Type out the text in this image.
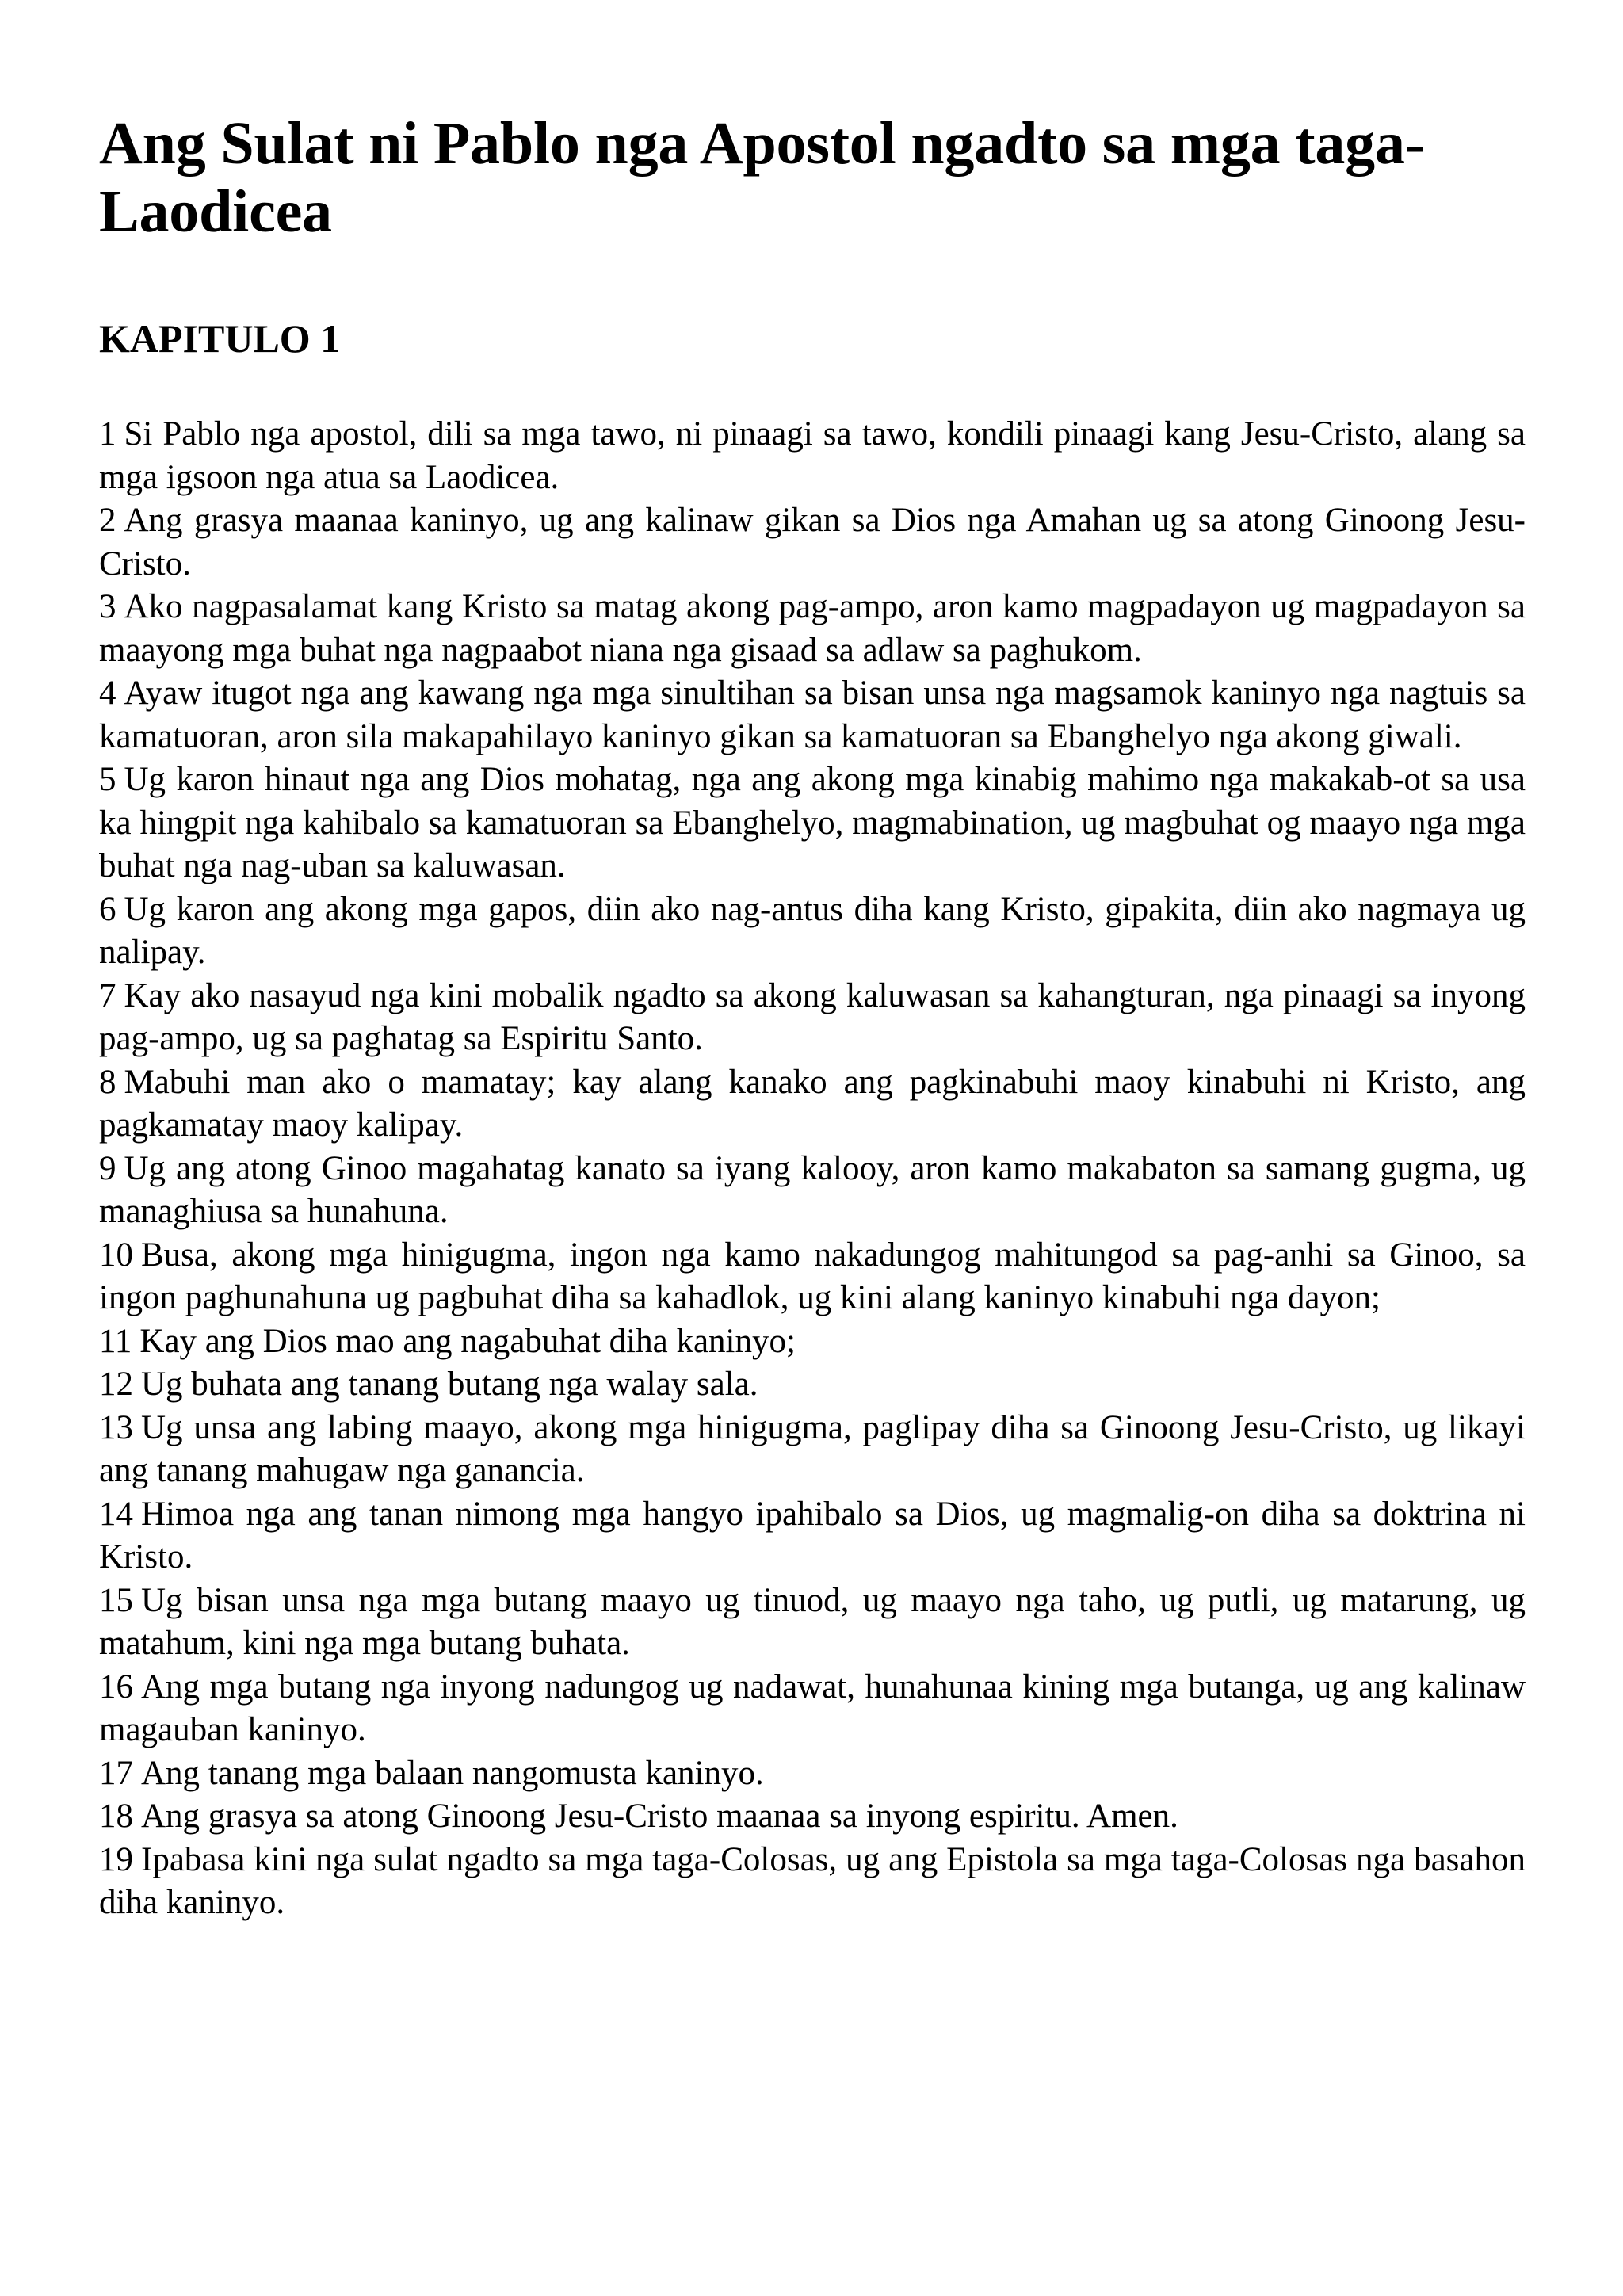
Ang Sulat ni Pablo nga Apostol ngadto sa mga taga-Laodicea
KAPITULO 1
1 Si Pablo nga apostol, dili sa mga tawo, ni pinaagi sa tawo, kondili pinaagi kang Jesu-Cristo, alang sa mga igsoon nga atua sa Laodicea.
2 Ang grasya maanaa kaninyo, ug ang kalinaw gikan sa Dios nga Amahan ug sa atong Ginoong Jesu-Cristo.
3 Ako nagpasalamat kang Kristo sa matag akong pag-ampo, aron kamo magpadayon ug magpadayon sa maayong mga buhat nga nagpaabot niana nga gisaad sa adlaw sa paghukom.
4 Ayaw itugot nga ang kawang nga mga sinultihan sa bisan unsa nga magsamok kaninyo nga nagtuis sa kamatuoran, aron sila makapahilayo kaninyo gikan sa kamatuoran sa Ebanghelyo nga akong giwali.
5 Ug karon hinaut nga ang Dios mohatag, nga ang akong mga kinabig mahimo nga makakab-ot sa usa ka hingpit nga kahibalo sa kamatuoran sa Ebanghelyo, magmabination, ug magbuhat og maayo nga mga buhat nga nag-uban sa kaluwasan.
6 Ug karon ang akong mga gapos, diin ako nag-antus diha kang Kristo, gipakita, diin ako nagmaya ug nalipay.
7 Kay ako nasayud nga kini mobalik ngadto sa akong kaluwasan sa kahangturan, nga pinaagi sa inyong pag-ampo, ug sa paghatag sa Espiritu Santo.
8 Mabuhi man ako o mamatay; kay alang kanako ang pagkinabuhi maoy kinabuhi ni Kristo, ang pagkamatay maoy kalipay.
9 Ug ang atong Ginoo magahatag kanato sa iyang kalooy, aron kamo makabaton sa samang gugma, ug managhiusa sa hunahuna.
10 Busa, akong mga hinigugma, ingon nga kamo nakadungog mahitungod sa pag-anhi sa Ginoo, sa ingon paghunahuna ug pagbuhat diha sa kahadlok, ug kini alang kaninyo kinabuhi nga dayon;
11 Kay ang Dios mao ang nagabuhat diha kaninyo;
12 Ug buhata ang tanang butang nga walay sala.
13 Ug unsa ang labing maayo, akong mga hinigugma, paglipay diha sa Ginoong Jesu-Cristo, ug likayi ang tanang mahugaw nga ganancia.
14 Himoa nga ang tanan nimong mga hangyo ipahibalo sa Dios, ug magmalig-on diha sa doktrina ni Kristo.
15 Ug bisan unsa nga mga butang maayo ug tinuod, ug maayo nga taho, ug putli, ug matarung, ug matahum, kini nga mga butang buhata.
16 Ang mga butang nga inyong nadungog ug nadawat, hunahunaa kining mga butanga, ug ang kalinaw magauban kaninyo.
17 Ang tanang mga balaan nangomusta kaninyo.
18 Ang grasya sa atong Ginoong Jesu-Cristo maanaa sa inyong espiritu. Amen.
19 Ipabasa kini nga sulat ngadto sa mga taga-Colosas, ug ang Epistola sa mga taga-Colosas nga basahon diha kaninyo.
